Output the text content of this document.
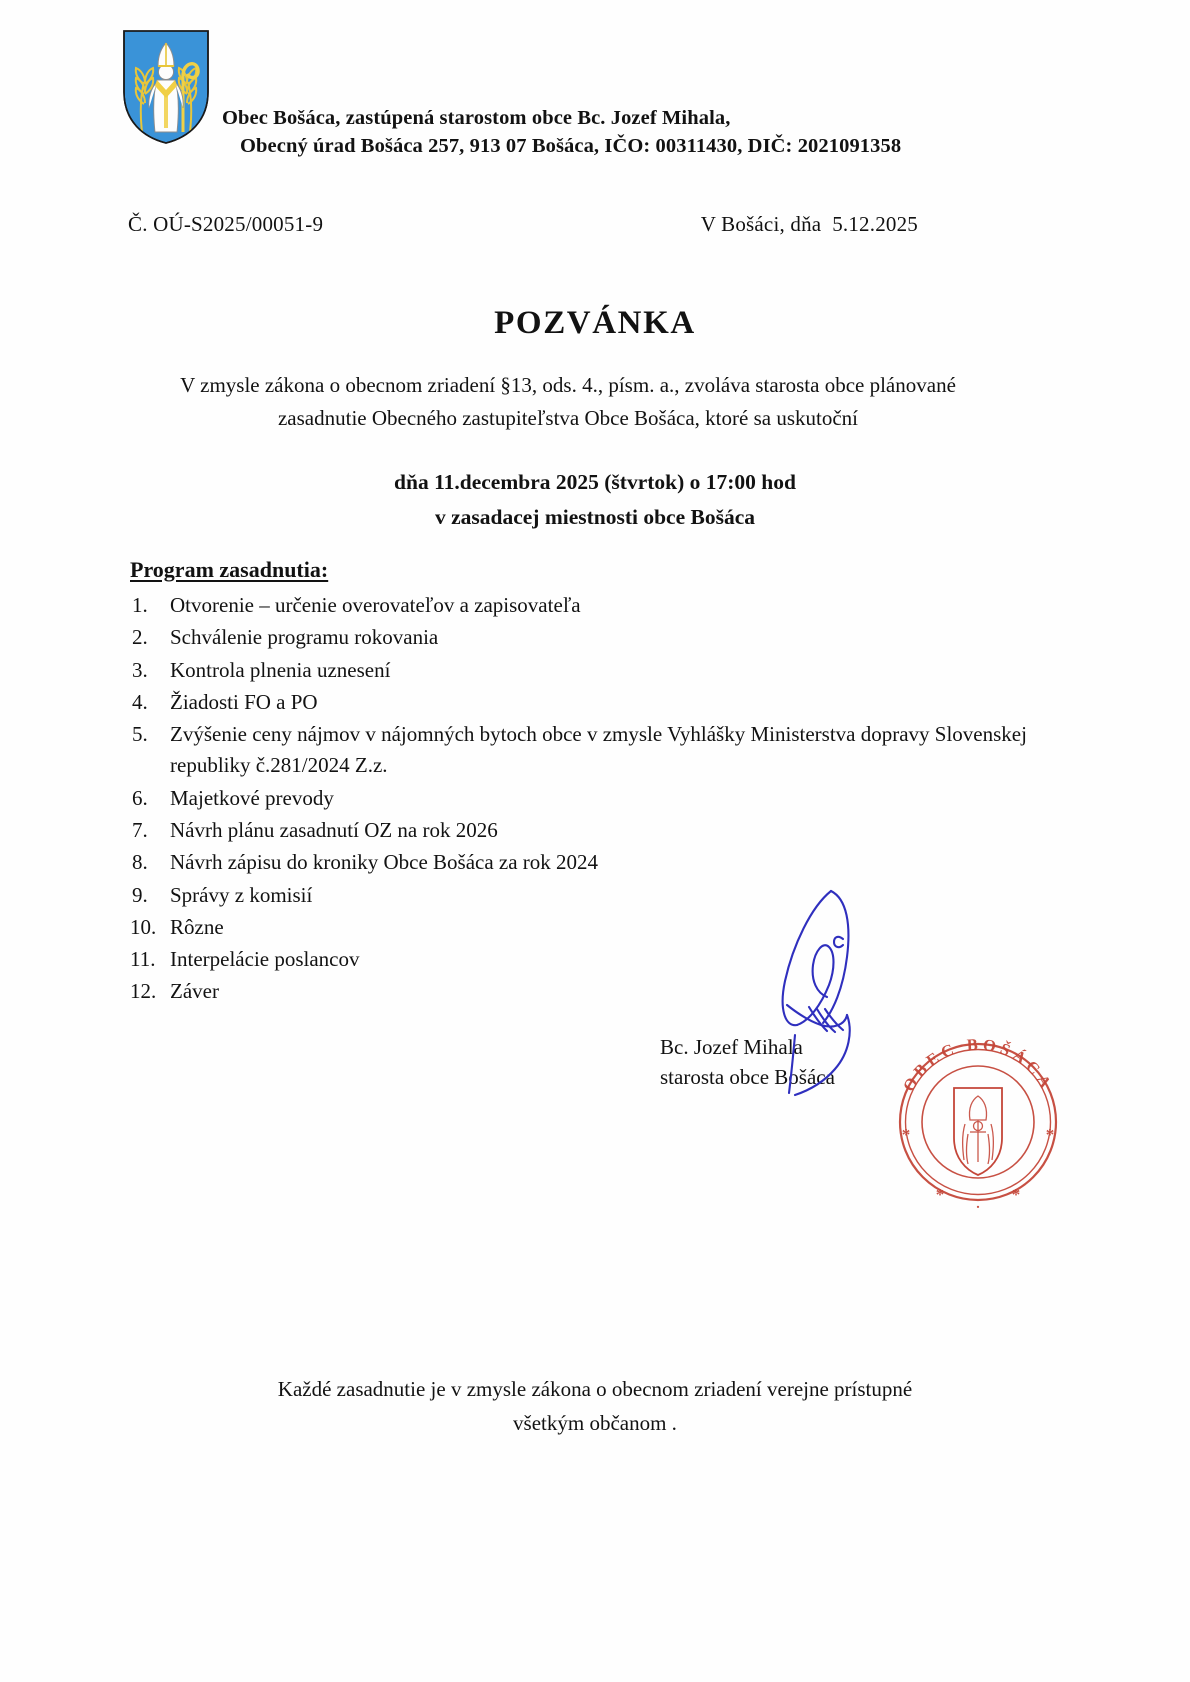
Obec Bošáca, zastúpená starostom obce Bc. Jozef Mihala,
Obecný úrad Bošáca 257, 913 07 Bošáca, IČO: 00311430, DIČ: 2021091358
Č. OÚ-S2025/00051-9	V Bošáci, dňa  5.12.2025
POZVÁNKA
V zmysle zákona o obecnom zriadení §13, ods. 4., písm. a., zvoláva starosta obce plánované
zasadnutie Obecného zastupiteľstva Obce Bošáca, ktoré sa uskutoční
dňa 11.decembra 2025 (štvrtok) o 17:00 hod
v zasadacej miestnosti obce Bošáca
Program zasadnutia:
1.	Otvorenie – určenie overovateľov a zapisovateľa
2.	Schválenie programu rokovania
3.	Kontrola plnenia uznesení
4.	Žiadosti FO a PO
5.	Zvýšenie ceny nájmov v nájomných bytoch obce v zmysle Vyhlášky Ministerstva dopravy Slovenskej republiky č.281/2024 Z.z.
6.	Majetkové prevody
7.	Návrh plánu zasadnutí OZ na rok 2026
8.	Návrh zápisu do kroniky Obce Bošáca za rok 2024
9.	Správy z komisií
10. Rôzne
11. Interpelácie poslancov
12. Záver
Bc. Jozef Mihala
starosta obce Bošáca	OBEC BOŠÁCA
*	*
*	*
.
Každé zasadnutie je v zmysle zákona o obecnom zriadení verejne prístupné
všetkým občanom .
